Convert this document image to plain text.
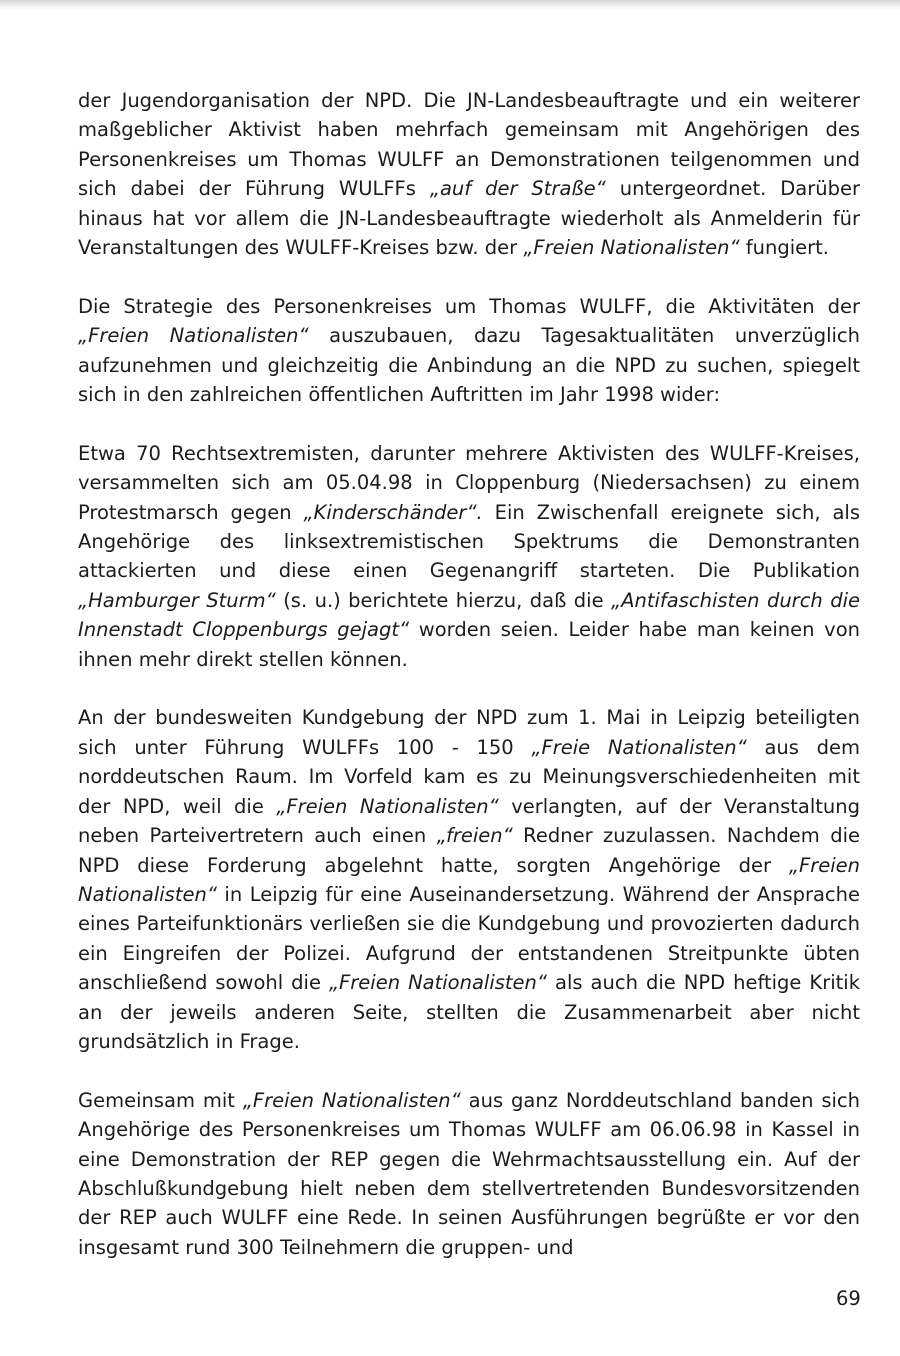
der Jugendorganisation der NPD. Die JN-Landesbeauftragte und ein weiterer maßgeblicher Aktivist haben mehrfach gemeinsam mit Angehörigen des Personenkreises um Thomas WULFF an Demonstrationen teilgenommen und sich dabei der Führung WULFFs „auf der Straße“ untergeordnet. Darüber hinaus hat vor allem die JN-Landesbeauftragte wiederholt als Anmelderin für Veranstaltungen des WULFF-Kreises bzw. der „Freien Nationalisten“ fungiert.

Die Strategie des Personenkreises um Thomas WULFF, die Aktivitäten der „Freien Nationalisten“ auszubauen, dazu Tagesaktualitäten unverzüglich aufzunehmen und gleichzeitig die Anbindung an die NPD zu suchen, spiegelt sich in den zahlreichen öffentlichen Auftritten im Jahr 1998 wider:

Etwa 70 Rechtsextremisten, darunter mehrere Aktivisten des WULFF-Kreises, versammelten sich am 05.04.98 in Cloppenburg (Niedersachsen) zu einem Protestmarsch gegen „Kinderschänder“. Ein Zwischenfall ereignete sich, als Angehörige des linksextremistischen Spektrums die Demonstranten attackierten und diese einen Gegenangriff starteten. Die Publikation „Hamburger Sturm“ (s. u.) berichtete hierzu, daß die „Antifaschisten durch die Innenstadt Cloppenburgs gejagt“ worden seien. Leider habe man keinen von ihnen mehr direkt stellen können.

An der bundesweiten Kundgebung der NPD zum 1. Mai in Leipzig beteiligten sich unter Führung WULFFs 100 - 150 „Freie Nationalisten“ aus dem norddeutschen Raum. Im Vorfeld kam es zu Meinungsverschiedenheiten mit der NPD, weil die „Freien Nationalisten“ verlangten, auf der Veranstaltung neben Parteivertretern auch einen „freien“ Redner zuzulassen. Nachdem die NPD diese Forderung abgelehnt hatte, sorgten Angehörige der „Freien Nationalisten“ in Leipzig für eine Auseinandersetzung. Während der Ansprache eines Parteifunktionärs verließen sie die Kundgebung und provozierten dadurch ein Eingreifen der Polizei. Aufgrund der entstandenen Streitpunkte übten anschließend sowohl die „Freien Nationalisten“ als auch die NPD heftige Kritik an der jeweils anderen Seite, stellten die Zusammenarbeit aber nicht grundsätzlich in Frage.

Gemeinsam mit „Freien Nationalisten“ aus ganz Norddeutschland banden sich Angehörige des Personenkreises um Thomas WULFF am 06.06.98 in Kassel in eine Demonstration der REP gegen die Wehrmachtsausstellung ein. Auf der Abschlußkundgebung hielt neben dem stellvertretenden Bundesvorsitzenden der REP auch WULFF eine Rede. In seinen Ausführungen begrüßte er vor den insgesamt rund 300 Teilnehmern die gruppen- und

69
